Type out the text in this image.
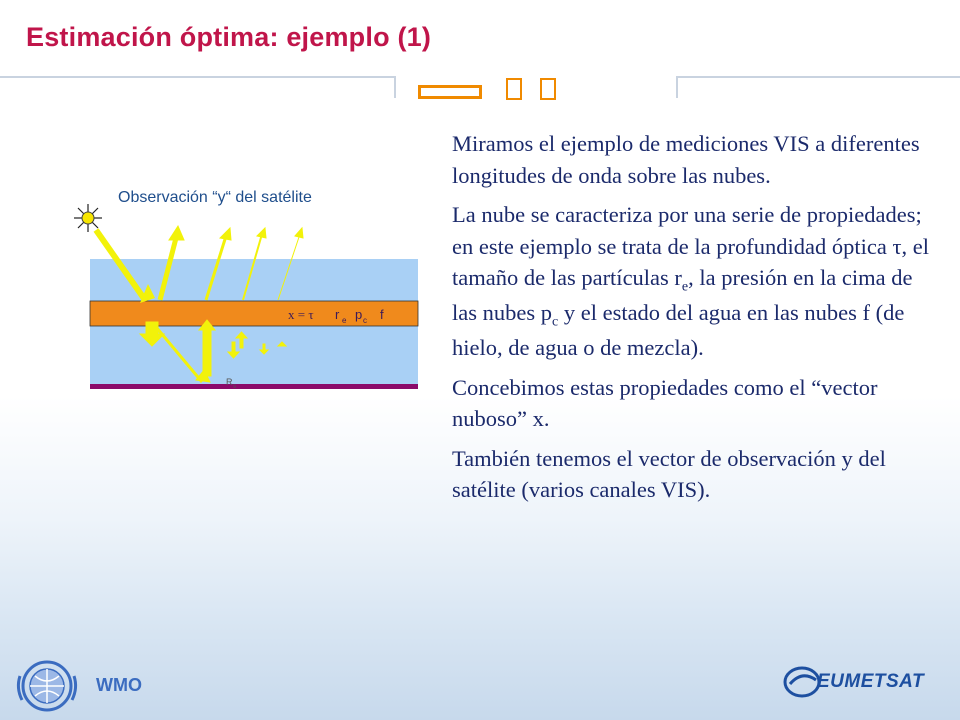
Estimación óptima: ejemplo (1)
Observación “y“ del satélite
x = τ r e p c f
R s

Miramos el ejemplo de mediciones VIS a diferentes longitudes de onda sobre las nubes.

La nube se caracteriza por una serie de propiedades; en este ejemplo se trata de la profundidad óptica τ, el tamaño de las partículas $r_e$, la presión en la cima de las nubes $p_c$ y el estado del agua en las nubes f (de hielo, de agua o de mezcla).

Concebimos estas propiedades como el “vector nuboso” x.

También tenemos el vector de observación y del satélite (varios canales VIS).

WMO	EUMETSAT
